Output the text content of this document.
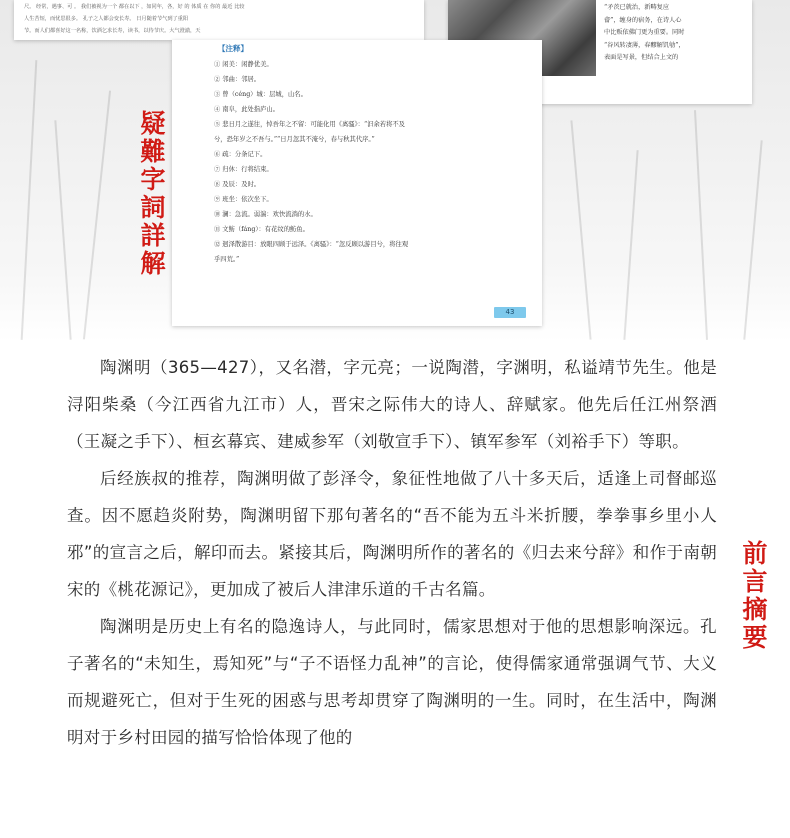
尺。 经常，遇事、可 。 我们被视为一个 都在以下 ，如同年，各，好 的 体质 在 你的 最近 比较
人生苦短，而忧思很多。 孔子之人都会变长寿。 日月随着节气到了重阳
节。而人们都喜好这一名称，饮酒乞求长寿，读书，以待节庆。大气澄澈，天
“矛茨已就治，新畴复应
畲”，缠身的宿务，在诗人心
中比贩依佛门更为重要。同时
“谷风转凄薄，春醪解饥劬”，
表面是写景，但结合上文的
【注释】
① 闲美：闲静优美。
② 邻曲：邻居。
③ 曾（céng）城：层城，山名。
④ 南阜，此处指庐山。
⑤ 悲日月之遂往，悼吾年之不留：可能化用《离骚》：“汩余若将不及
兮，恐年岁之不吾与。”“日月忽其不淹兮，春与秋其代序。”
⑥ 疏：分条记下。
⑦ 归休：行将结束。
⑧ 及辰：及时。
⑨ 班坐：依次坐下。
⑩ 澜：急流。弱湍：欢快流淌的水。
⑪ 文鲂（fáng）：有花纹的鲂鱼。
⑫ 迥泽散游目：放眼四顾于远泽。《离骚》：“忽反顾以游目兮，将往观
乎四荒。”
43
疑
難
字
詞
詳
解

陶渊明（365—427），又名潜，字元亮；一说陶潜，字渊明，私谥靖节先生。他是浔阳柴桑（今江西省九江市）人，晋宋之际伟大的诗人、辞赋家。他先后任江州祭酒（王凝之手下）、桓玄幕宾、建威参军（刘敬宣手下）、镇军参军（刘裕手下）等职。

后经族叔的推荐，陶渊明做了彭泽令，象征性地做了八十多天后，适逢上司督邮巡查。因不愿趋炎附势，陶渊明留下那句著名的“吾不能为五斗米折腰，拳拳事乡里小人邪”的宣言之后，解印而去。紧接其后，陶渊明所作的著名的《归去来兮辞》和作于南朝宋的《桃花源记》，更加成了被后人津津乐道的千古名篇。

陶渊明是历史上有名的隐逸诗人，与此同时，儒家思想对于他的思想影响深远。孔子著名的“未知生，焉知死”与“子不语怪力乱神”的言论，使得儒家通常强调气节、大义而规避死亡，但对于生死的困惑与思考却贯穿了陶渊明的一生。同时，在生活中，陶渊明对于乡村田园的描写恰恰体现了他的

前
言
摘
要
